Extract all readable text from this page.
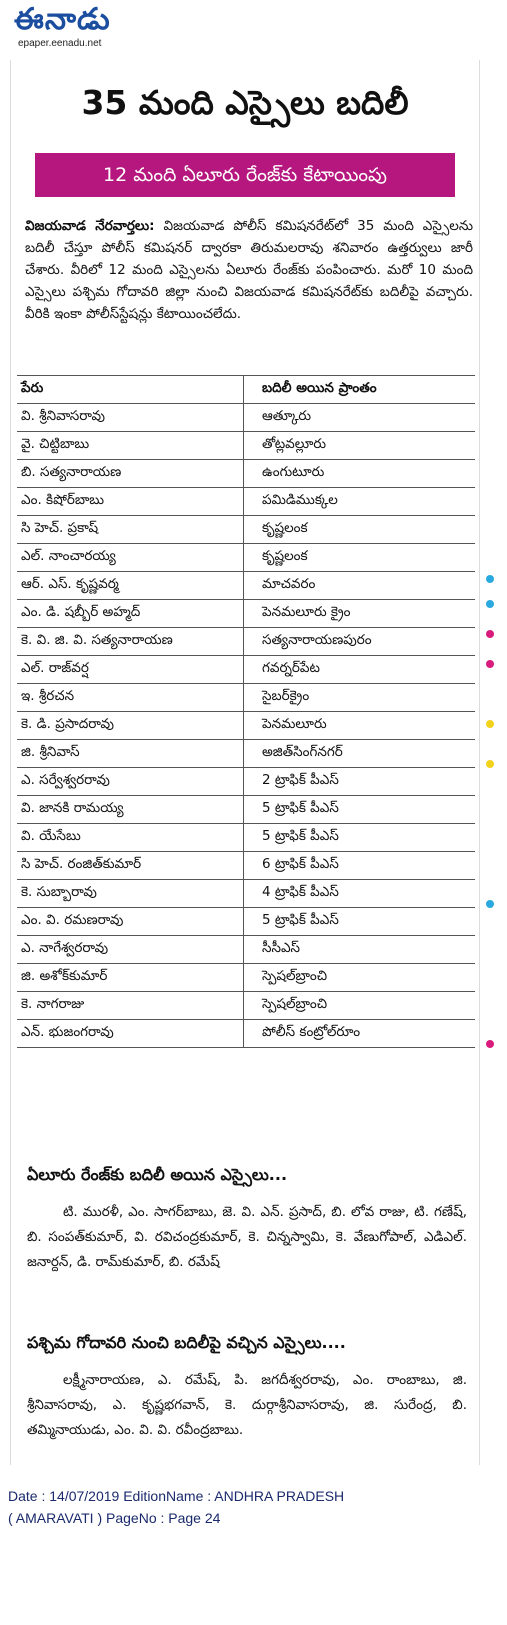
ఈనాడు
epaper.eenadu.net
35 మంది ఎస్సైలు బదిలీ
12 మంది ఏలూరు రేంజ్‌కు కేటాయింపు
విజయవాడ నేరవార్తలు: విజయవాడ పోలీస్ కమిషనరేట్‌లో 35 మంది ఎస్సైలను బదిలీ చేస్తూ పోలీస్ కమిషనర్ ద్వారకా తిరుమలరావు శనివారం ఉత్తర్వులు జారీ చేశారు. వీరిలో 12 మంది ఎస్సైలను ఏలూరు రేంజ్‌కు పంపించారు. మరో 10 మంది ఎస్సైలు పశ్చిమ గోదావరి జిల్లా నుంచి విజయవాడ కమిషనరేట్‌కు బదిలీపై వచ్చారు. వీరికి ఇంకా పోలీస్‌స్టేషన్లు కేటాయించలేదు.
పేరు	బదిలీ అయిన ప్రాంతం
వి. శ్రీనివాసరావు	ఆత్కూరు
వై. చిట్టిబాబు	తోట్లవల్లూరు
బి. సత్యనారాయణ	ఉంగుటూరు
ఎం. కిషోర్‌బాబు	పమిడిముక్కల
సి హెచ్. ప్రకాష్	కృష్ణలంక
ఎల్. నాంచారయ్య	కృష్ణలంక
ఆర్. ఎస్. కృష్ణవర్మ	మాచవరం
ఎం. డి. షబ్బీర్ అహ్మద్	పెనమలూరు క్రైం
కె. వి. జి. వి. సత్యనారాయణ	సత్యనారాయణపురం
ఎల్. రాజ్‌వర్ష	గవర్నర్‌పేట
ఇ. శ్రీరచన	సైబర్‌క్రైం
కె. డి. ప్రసాదరావు	పెనమలూరు
జి. శ్రీనివాస్	అజిత్‌సింగ్‌నగర్
ఎ. సర్వేశ్వరరావు	2 ట్రాఫిక్ పీఎస్
వి. జానకి రామయ్య	5 ట్రాఫిక్ పీఎస్
వి. యేసేబు	5 ట్రాఫిక్ పీఎస్
సి హెచ్. రంజిత్‌కుమార్	6 ట్రాఫిక్ పీఎస్
కె. సుబ్బారావు	4 ట్రాఫిక్ పీఎస్
ఎం. వి. రమణరావు	5 ట్రాఫిక్ పీఎస్
ఎ. నాగేశ్వరరావు	సీసీఎస్
జి. అశోక్‌కుమార్	స్పెషల్‌బ్రాంచి
కె. నాగరాజు	స్పెషల్‌బ్రాంచి
ఎన్. భుజంగరావు	పోలీస్ కంట్రోల్‌రూం
ఏలూరు రేంజ్‌కు బదిలీ అయిన ఎస్సైలు...
టి. మురళీ, ఎం. సాగర్‌బాబు, జె. వి. ఎన్. ప్రసాద్, బి. లోవ రాజు, టి. గణేష్, బి. సంపత్‌కుమార్, వి. రవిచంద్రకుమార్, కె. చిన్నస్వామి, కె. వేణుగోపాల్, ఎడిఎల్. జనార్దన్, డి. రామ్‌కుమార్, బి. రమేష్
పశ్చిమ గోదావరి నుంచి బదిలీపై వచ్చిన ఎస్సైలు....
లక్ష్మీనారాయణ, ఎ. రమేష్, పి. జగదీశ్వరరావు, ఎం. రాంబాబు, జి. శ్రీనివాసరావు, ఎ. కృష్ణభగవాన్, కె. దుర్గాశ్రీనివాసరావు, జి. సురేంద్ర, బి. తమ్మినాయుడు, ఎం. వి. వి. రవీంద్రబాబు.
Date : 14/07/2019 EditionName : ANDHRA PRADESH
( AMARAVATI ) PageNo : Page 24
